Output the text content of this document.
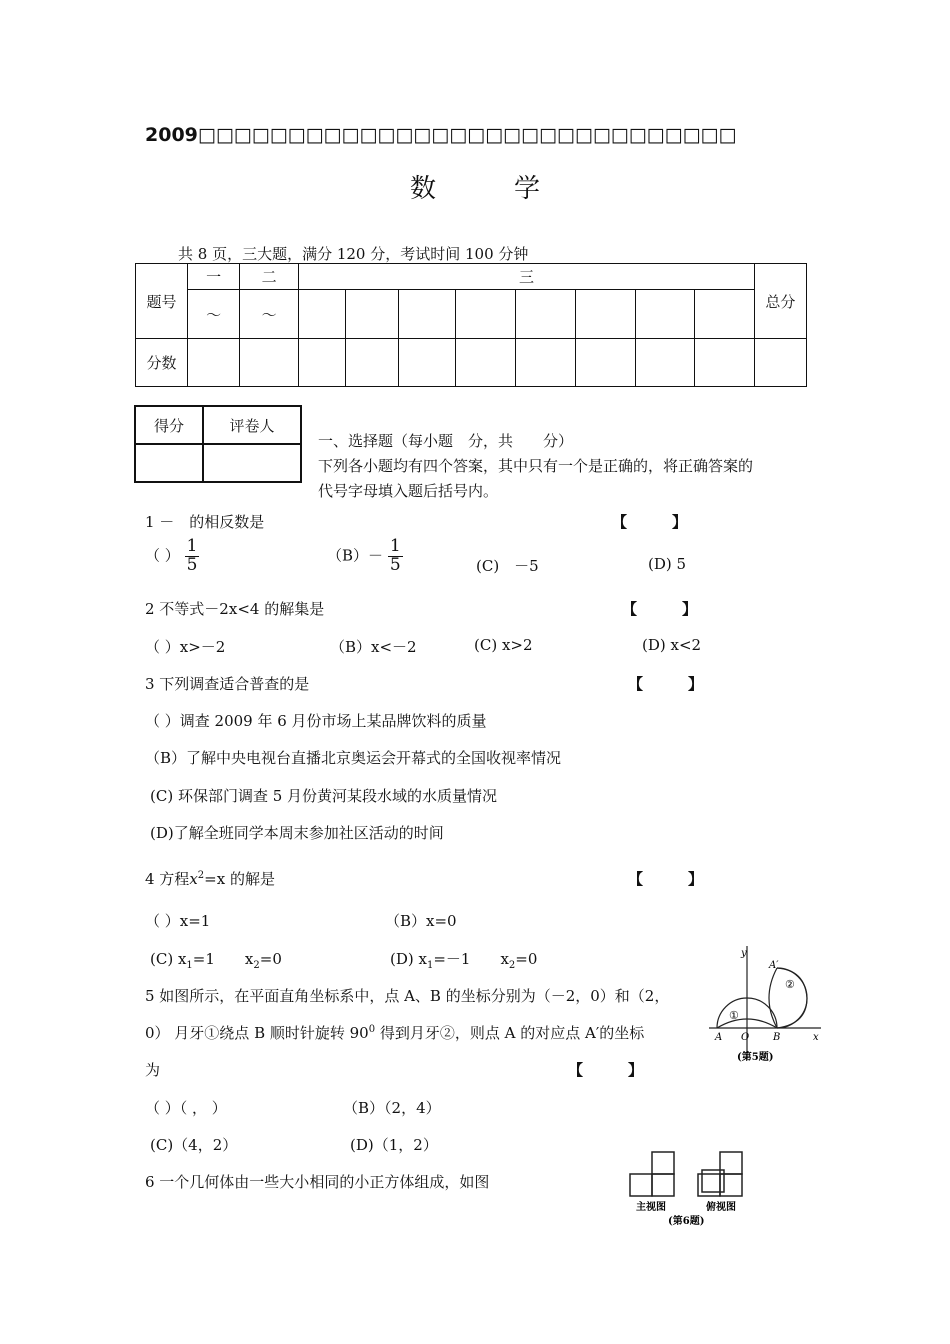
2009□□□□□□□□□□□□□□□□□□□□□□□□□□□□□□
数　　　学
共 8 页，三大题，满分 120 分，考试时间 100 分钟
题号	一	二	三								总分
	～	～									
分数											
得分	评卷人

一、选择题（每小题　分，共　　分）
下列各小题均有四个答案，其中只有一个是正确的，将正确答案的
代号字母填入题后括号内。
1 －　的相反数是	【　　　】
（ ） $\frac{1}{5}$	$(B)- \frac{1}{5}$	(C)　－5	(D) 5
2 不等式－2x<4 的解集是	【　　　】
（ ）x>－2	（B）x<－2	(C) x>2	(D) x<2
3 下列调查适合普查的是	【　　　】
（ ）调查 2009 年 6 月份市场上某品牌饮料的质量
（B）了解中央电视台直播北京奥运会开幕式的全国收视率情况
(C) 环保部门调查 5 月份黄河某段水域的水质量情况
(D)了解全班同学本周末参加社区活动的时间
4 方程$x^2=x$ 的解是	【　　　】
（ ）x=1	（B）x=0
(C) $x_1=1$　　$x_2=0$	(D) $x_1=-1$　　$x_2=0$
5 如图所示，在平面直角坐标系中，点 A、B 的坐标分别为（－2，0）和（2，
0） 月牙①绕点 B 顺时针旋转 $90^0$ 得到月牙②，则点 A 的对应点 A′的坐标
为	【　　　】
（ ）（ ， ）	（B）（2，4）
(C)（4，2）	(D)（1，2）
y
x
A O B
A′
①
②
(第5题)
6 一个几何体由一些大小相同的小正方体组成，如图
主视图	俯视图
(第6题)
